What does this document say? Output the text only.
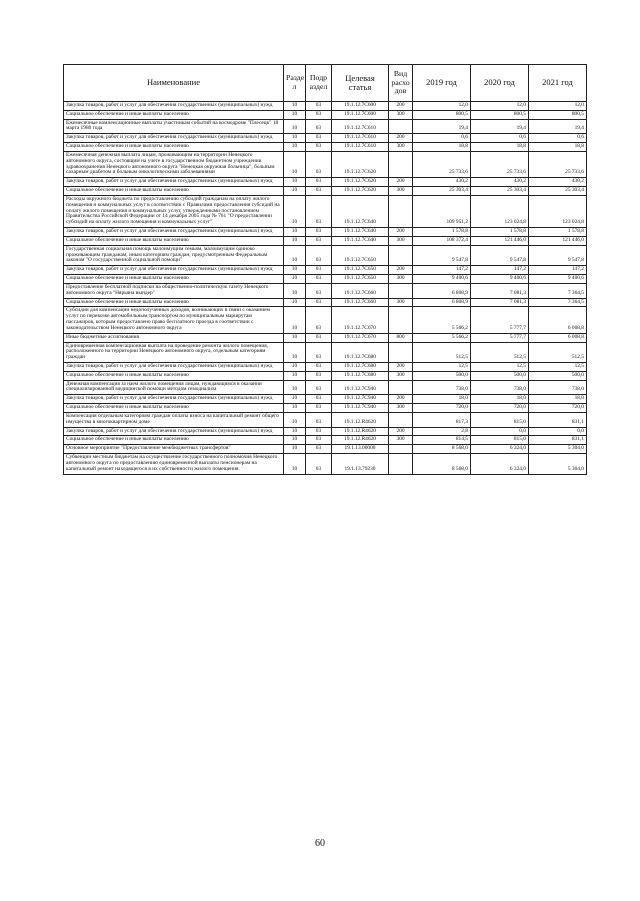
Наименование	Разде л	Подр аздел	Целевая статья	Вид расхо дов	2019 год	2020 год	2021 год
Закупка товаров, работ и услуг для обеспечения государственных (муниципальных) нужд	10	03	19.1.12.7С600	200	12,0	12,0	12,0
Социальное обеспечение и иные выплаты населению	10	03	19.1.12.7С600	300	800,5	800,5	800,5
Ежемесячные компенсационные выплаты участникам событий на космодроме "Плесецк" 18 марта 1980 года	10	03	19.1.12.7С610		19,4	19,4	19,4
Закупка товаров, работ и услуг для обеспечения государственных (муниципальных) нужд	10	03	19.1.12.7С610	200	0,6	0,6	0,6
Социальное обеспечение и иные выплаты населению	10	03	19.1.12.7С610	300	18,8	18,8	18,8
Ежемесячная денежная выплата лицам, проживающим на территории Ненецкого автономного округа, состоящим на учете в государственном бюджетном учреждении здравоохранения Ненецкого автономного округа "Ненецкая окружная больница", больным сахарным диабетом и больным онкологическими заболеваниями	10	03	19.1.12.7С620		25 733,6	25 733,6	25 733,6
Закупка товаров, работ и услуг для обеспечения государственных (муниципальных) нужд	10	03	19.1.12.7С620	200	430,2	430,2	430,2
Социальное обеспечение и иные выплаты населению	10	03	19.1.12.7С620	300	25 303,4	25 303,4	25 303,4
Расходы окружного бюджета по предоставлению субсидий гражданам на оплату жилого помещения и коммунальных услуг в соответствии с Правилами предоставления субсидий на оплату жилого помещения и коммунальных услуг, утвержденными постановлением Правительства Российской Федерации от 14 декабря 2005 года № 761 "О предоставлении субсидий на оплату жилого помещения и коммунальных услуг"	10	03	19.1.12.7С640		109 951,2	123 024,8	123 024,8
Закупка товаров, работ и услуг для обеспечения государственных (муниципальных) нужд	10	03	19.1.12.7С640	200	1 578,8	1 578,8	1 578,8
Социальное обеспечение и иные выплаты населению	10	03	19.1.12.7С640	300	108 372,4	121 446,0	121 446,0
Государственная социальная помощь малоимущим семьям, малоимущим одиноко проживающим гражданам, иным категориям граждан, предусмотренным Федеральным законом "О государственной социальной помощи"	10	03	19.1.12.7С650		9 547,8	9 547,8	9 547,8
Закупка товаров, работ и услуг для обеспечения государственных (муниципальных) нужд	10	03	19.1.12.7С650	200	147,2	147,2	147,2
Социальное обеспечение и иные выплаты населению	10	03	19.1.12.7С650	300	9 400,6	9 400,6	9 400,6
Предоставление бесплатной подписки на общественно-политическую газету Ненецкого автономного округа "Нярьяна вындер"	10	03	19.1.12.7С660		6 808,9	7 081,3	7 364,5
Социальное обеспечение и иные выплаты населению	10	03	19.1.12.7С660	300	6 808,9	7 081,3	7 364,5
Субсидии для компенсации недополученных доходов, возникающих в связи с оказанием услуг по перевозке автомобильным транспортом по муниципальным маршрутам пассажиров, которым предоставлено право бесплатного проезда в соответствии с законодательством Ненецкого автономного округа	10	03	19.1.12.7С670		5 566,2	5 777,7	6 008,8
Иные бюджетные ассигнования	10	03	19.1.12.7С670	800	5 566,2	5 777,7	6 008,8
Единовременная компенсационная выплата на проведение ремонта жилого помещения, расположенного на территории Ненецкого автономного округа, отдельным категориям граждан	10	03	19.1.12.7С680		512,5	512,5	512,5
Закупка товаров, работ и услуг для обеспечения государственных (муниципальных) нужд	10	03	19.1.12.7С680	200	12,5	12,5	12,5
Социальное обеспечение и иные выплаты населению	10	03	19.1.12.7С680	300	500,0	500,0	500,0
Денежная компенсация за наем жилого помещения лицам, нуждающимся в оказании специализированной медицинской помощи методом гемодиализа	10	03	19.1.12.7С940		738,0	738,0	738,0
Закупка товаров, работ и услуг для обеспечения государственных (муниципальных) нужд	10	03	19.1.12.7С940	200	18,0	18,0	18,0
Социальное обеспечение и иные выплаты населению	10	03	19.1.12.7С940	300	720,0	720,0	720,0
Компенсация отдельным категориям граждан оплаты взноса на капитальный ремонт общего имущества в многоквартирном доме	10	03	19.1.12.R4620		817,3	815,0	831,1
Закупка товаров, работ и услуг для обеспечения государственных (муниципальных) нужд	10	03	19.1.12.R4620	200	2,8	0,0	0,0
Социальное обеспечение и иные выплаты населению	10	03	19.1.12.R4620	300	814,5	815,0	831,1
Основное мероприятие "Предоставление межбюджетных трансфертов"	10	03	19.1.13.00000		8 568,0	6 324,0	5 304,0
Субвенции местным бюджетам на осуществление государственного полномочия Ненецкого автономного округа по предоставлению единовременной выплаты пенсионерам на капитальный ремонт находящегося в их собственности жилого помещения	10	03	19.1.13.79230		8 568,0	6 324,0	5 304,0
60
